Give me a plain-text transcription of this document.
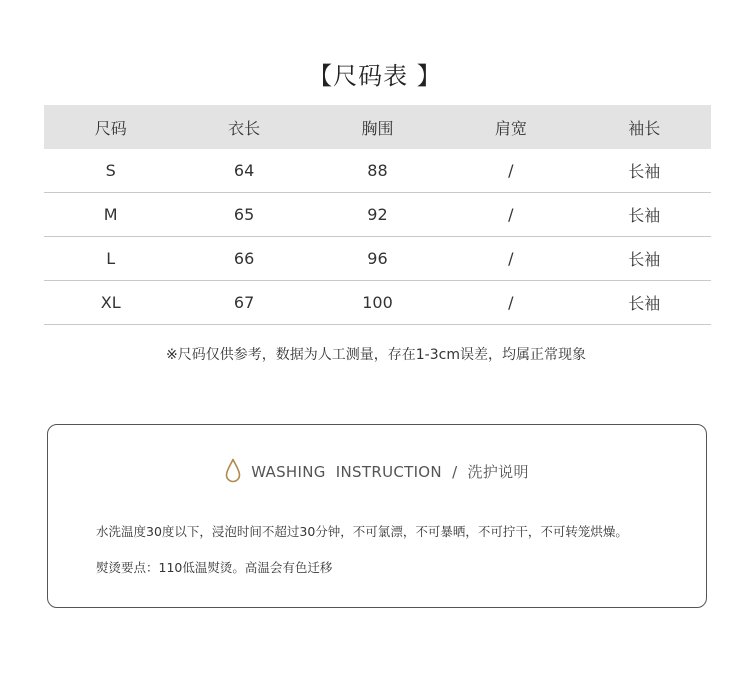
【尺码表 】
尺码	衣长	胸围	肩宽	袖长
S	64	88	/	长袖
M	65	92	/	长袖
L	66	96	/	长袖
XL	67	100	/	长袖
※尺码仅供参考，数据为人工测量，存在1-3cm误差，均属正常现象
WASHING  INSTRUCTION  /  洗护说明
水洗温度30度以下，浸泡时间不超过30分钟，不可氯漂，不可暴晒，不可拧干，不可转笼烘燥。
熨烫要点：110低温熨烫。高温会有色迁移
